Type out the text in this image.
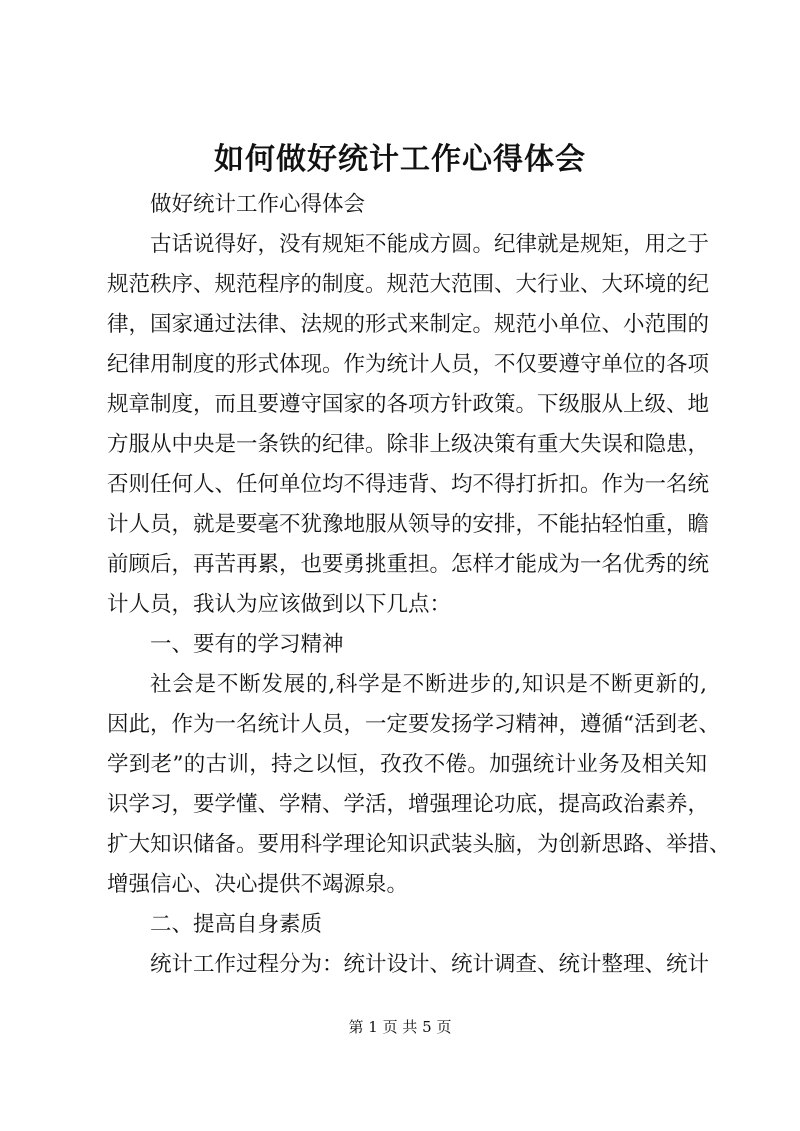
如何做好统计工作心得体会
做好统计工作心得体会
古话说得好，没有规矩不能成方圆。纪律就是规矩，用之于
规范秩序、规范程序的制度。规范大范围、大行业、大环境的纪
律，国家通过法律、法规的形式来制定。规范小单位、小范围的
纪律用制度的形式体现。作为统计人员，不仅要遵守单位的各项
规章制度，而且要遵守国家的各项方针政策。下级服从上级、地
方服从中央是一条铁的纪律。除非上级决策有重大失误和隐患，
否则任何人、任何单位均不得违背、均不得打折扣。作为一名统
计人员，就是要毫不犹豫地服从领导的安排，不能拈轻怕重，瞻
前顾后，再苦再累，也要勇挑重担。怎样才能成为一名优秀的统
计人员，我认为应该做到以下几点：
一、要有的学习精神
社会是不断发展的,科学是不断进步的,知识是不断更新的,
因此，作为一名统计人员，一定要发扬学习精神，遵循“活到老、
学到老”的古训，持之以恒，孜孜不倦。加强统计业务及相关知
识学习，要学懂、学精、学活，增强理论功底，提高政治素养，
扩大知识储备。要用科学理论知识武装头脑，为创新思路、举措、
增强信心、决心提供不竭源泉。
二、提高自身素质
统计工作过程分为：统计设计、统计调查、统计整理、统计
第 1 页 共 5 页
